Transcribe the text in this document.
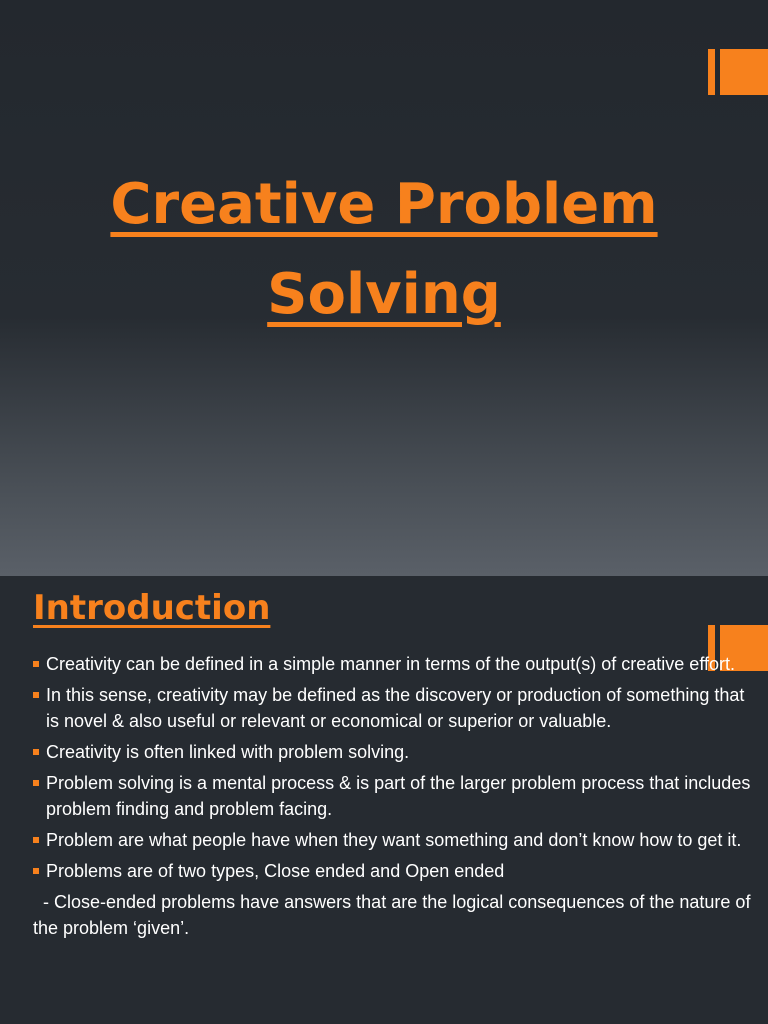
Creative Problem
Solving
Introduction
Creativity can be defined in a simple manner in terms of the output(s) of creative effort.
In this sense, creativity may be defined as the discovery or production of something that is novel & also useful or relevant or economical or superior or valuable.
Creativity is often linked with problem solving.
Problem solving is a mental process & is part of the larger problem process that includes problem finding and problem facing.
Problem are what people have when they want something and don’t know how to get it.
Problems are of two types, Close ended and Open ended
- Close-ended problems have answers that are the logical consequences of the nature of the problem ‘given’.
